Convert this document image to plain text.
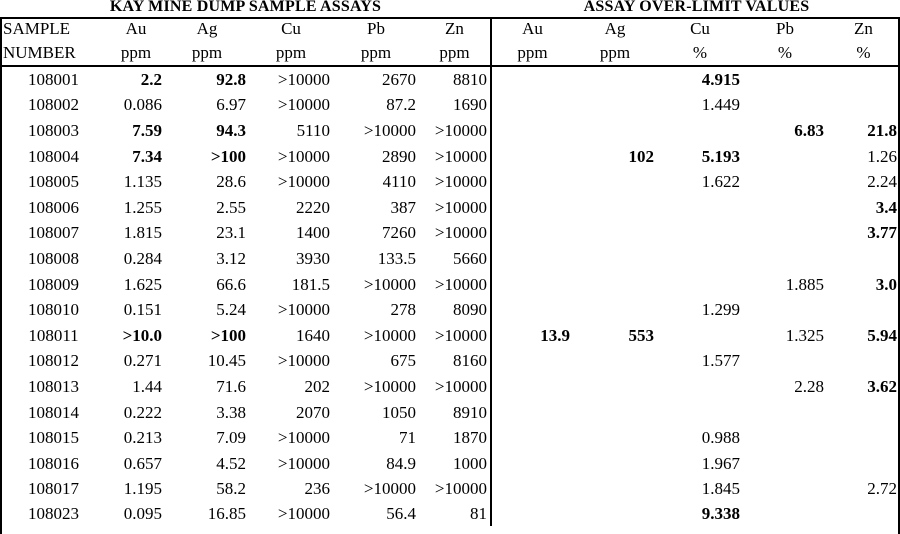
KAY MINE DUMP SAMPLE ASSAYS	ASSAY OVER-LIMIT VALUES
SAMPLE	Au	Ag	Cu	Pb	Zn	Au	Ag	Cu	Pb	Zn
NUMBER	ppm	ppm	ppm	ppm	ppm	ppm	ppm	%	%	%
108001	2.2	92.8	>10000	2670	8810			4.915		
108002	0.086	6.97	>10000	87.2	1690			1.449		
108003	7.59	94.3	5110	>10000	>10000				6.83	21.8
108004	7.34	>100	>10000	2890	>10000		102	5.193		1.26
108005	1.135	28.6	>10000	4110	>10000			1.622		2.24
108006	1.255	2.55	2220	387	>10000					3.4
108007	1.815	23.1	1400	7260	>10000					3.77
108008	0.284	3.12	3930	133.5	5660					
108009	1.625	66.6	181.5	>10000	>10000				1.885	3.0
108010	0.151	5.24	>10000	278	8090			1.299		
108011	>10.0	>100	1640	>10000	>10000	13.9	553		1.325	5.94
108012	0.271	10.45	>10000	675	8160			1.577		
108013	1.44	71.6	202	>10000	>10000				2.28	3.62
108014	0.222	3.38	2070	1050	8910					
108015	0.213	7.09	>10000	71	1870			0.988		
108016	0.657	4.52	>10000	84.9	1000			1.967		
108017	1.195	58.2	236	>10000	>10000			1.845		2.72
108023	0.095	16.85	>10000	56.4	81			9.338		
